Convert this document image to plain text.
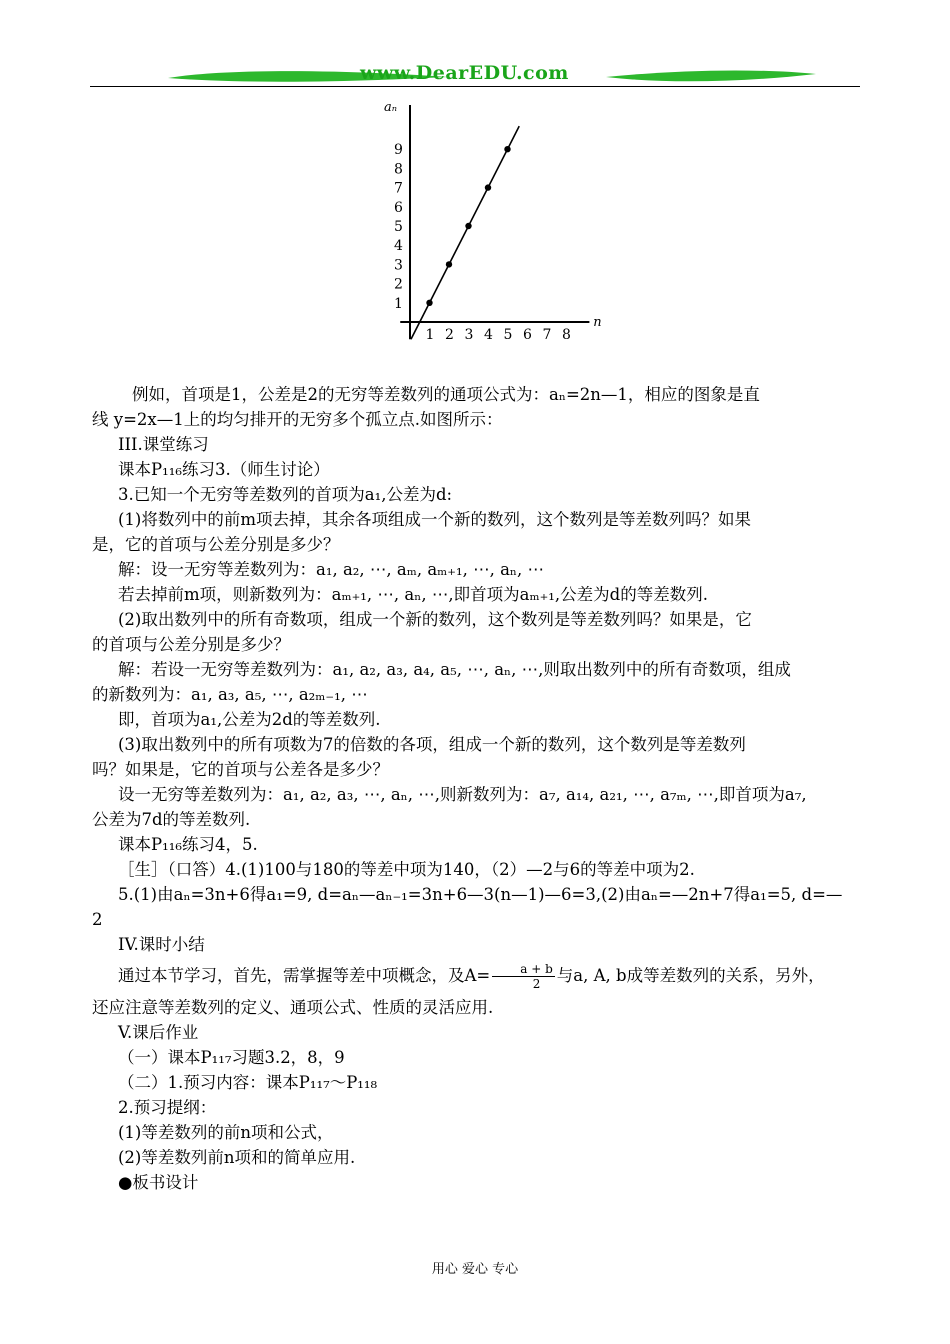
www.DearEDU.com
n
aₙ
1 2 3 4 5 6 7 8
1
2
3
4
5
6
7
8
9

例如，首项是1，公差是2的无穷等差数列的通项公式为：aₙ=2n—1，相应的图象是直

线 y=2x—1上的均匀排开的无穷多个孤立点.如图所示：

III.课堂练习

课本P₁₁₆练习3.（师生讨论）

3.已知一个无穷等差数列的首项为a₁,公差为d:

(1)将数列中的前m项去掉，其余各项组成一个新的数列，这个数列是等差数列吗？如果

是，它的首项与公差分别是多少？

解：设一无穷等差数列为：a₁, a₂, ⋯, aₘ, aₘ₊₁, ⋯, aₙ, ⋯

若去掉前m项，则新数列为：aₘ₊₁, ⋯, aₙ, ⋯,即首项为aₘ₊₁,公差为d的等差数列.

(2)取出数列中的所有奇数项，组成一个新的数列，这个数列是等差数列吗？如果是，它

的首项与公差分别是多少？

解：若设一无穷等差数列为：a₁, a₂, a₃, a₄, a₅, ⋯, aₙ, ⋯,则取出数列中的所有奇数项，组成

的新数列为：a₁, a₃, a₅, ⋯, a₂ₘ₋₁, ⋯

即，首项为a₁,公差为2d的等差数列.

(3)取出数列中的所有项数为7的倍数的各项，组成一个新的数列，这个数列是等差数列

吗？如果是，它的首项与公差各是多少？

设一无穷等差数列为：a₁, a₂, a₃, ⋯, aₙ, ⋯,则新数列为：a₇, a₁₄, a₂₁, ⋯, a₇ₘ, ⋯,即首项为a₇,

公差为7d的等差数列.

课本P₁₁₆练习4，5.

［生］（口答）4.(1)100与180的等差中项为140，（2）—2与6的等差中项为2.

5.(1)由aₙ=3n+6得a₁=9, d=aₙ—aₙ₋₁=3n+6—3(n—1)—6=3,(2)由aₙ=—2n+7得a₁=5, d=—

2

IV.课时小结

通过本节学习，首先，需掌握等差中项概念，及$A= \frac{a + b}{2}$ 与a, A, b成等差数列的关系，另外，

还应注意等差数列的定义、通项公式、性质的灵活应用.

V.课后作业

（一）课本P₁₁₇习题3.2，8，9

（二）1.预习内容：课本P₁₁₇～P₁₁₈

2.预习提纲：

(1)等差数列的前n项和公式，

(2)等差数列前n项和的简单应用.

●板书设计

用心 爱心 专心
